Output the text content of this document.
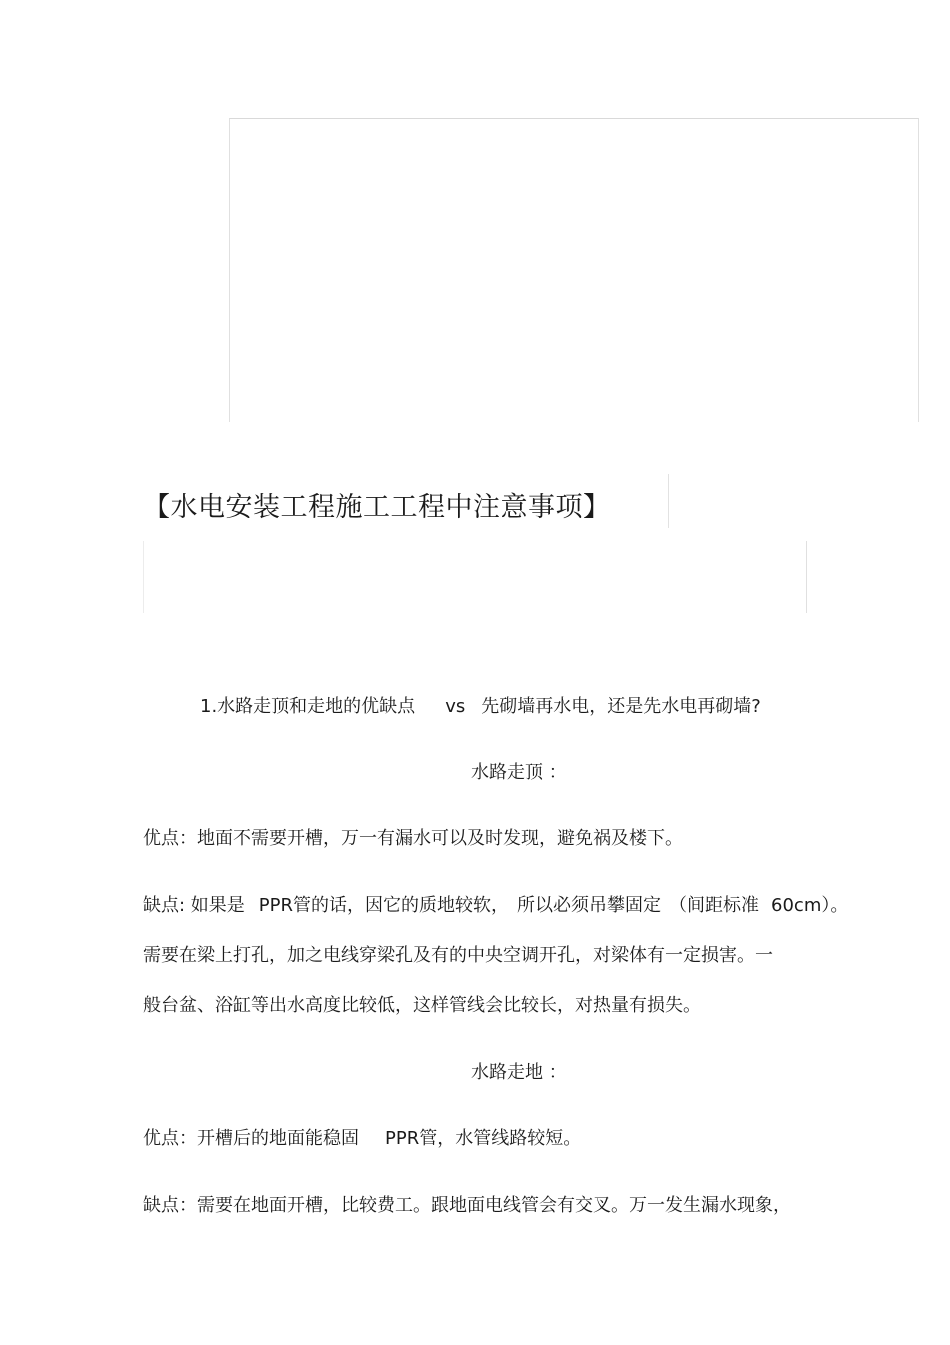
【水电安装工程施工工程中注意事项】
1.水路走顶和走地的优缺点 vs 先砌墙再水电，还是先水电再砌墙?
水路走顶 ：
优点：地面不需要开槽，万一有漏水可以及时发现，避免祸及楼下。
缺点: 如果是 PPR管的话，因它的质地较软， 所以必须吊攀固定 （间距标准 60cm）。
需要在梁上打孔，加之电线穿梁孔及有的中央空调开孔，对梁体有一定损害。一
般台盆、浴缸等出水高度比较低，这样管线会比较长，对热量有损失。
水路走地 ：
优点：开槽后的地面能稳固 PPR管，水管线路较短。
缺点：需要在地面开槽，比较费工。跟地面电线管会有交叉。万一发生漏水现象，
